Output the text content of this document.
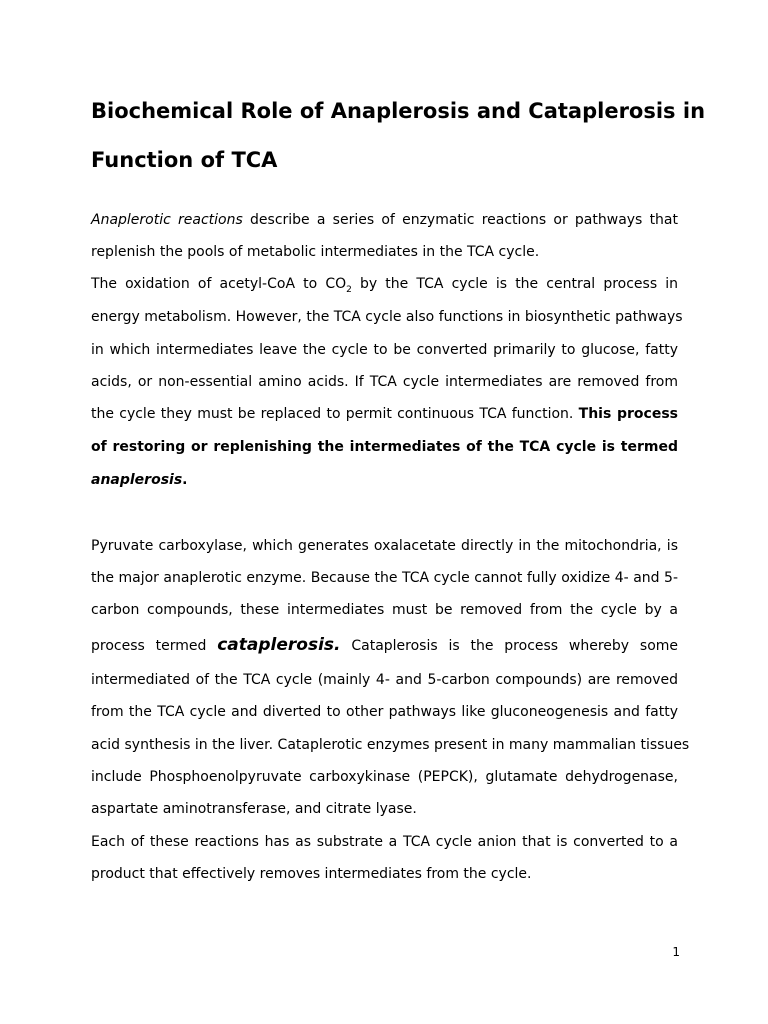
Biochemical Role of Anaplerosis and Cataplerosis in
Function of TCA

Anaplerotic reactions describe a series of enzymatic reactions or pathways that

replenish the pools of metabolic intermediates in the TCA cycle.

The oxidation of acetyl-CoA to $CO_2$ by the TCA cycle is the central process in

energy metabolism. However, the TCA cycle also functions in biosynthetic pathways

in which intermediates leave the cycle to be converted primarily to glucose, fatty

acids, or non-essential amino acids. If TCA cycle intermediates are removed from

the cycle they must be replaced to permit continuous TCA function. This process

of restoring or replenishing the intermediates of the TCA cycle is termed

anaplerosis.

Pyruvate carboxylase, which generates oxalacetate directly in the mitochondria, is

the major anaplerotic enzyme. Because the TCA cycle cannot fully oxidize 4- and 5-

carbon compounds, these intermediates must be removed from the cycle by a

process termed cataplerosis. Cataplerosis is the process whereby some

intermediated of the TCA cycle (mainly 4- and 5-carbon compounds) are removed

from the TCA cycle and diverted to other pathways like gluconeogenesis and fatty

acid synthesis in the liver. Cataplerotic enzymes present in many mammalian tissues

include Phosphoenolpyruvate carboxykinase (PEPCK), glutamate dehydrogenase,

aspartate aminotransferase, and citrate lyase.

Each of these reactions has as substrate a TCA cycle anion that is converted to a

product that effectively removes intermediates from the cycle.

1
